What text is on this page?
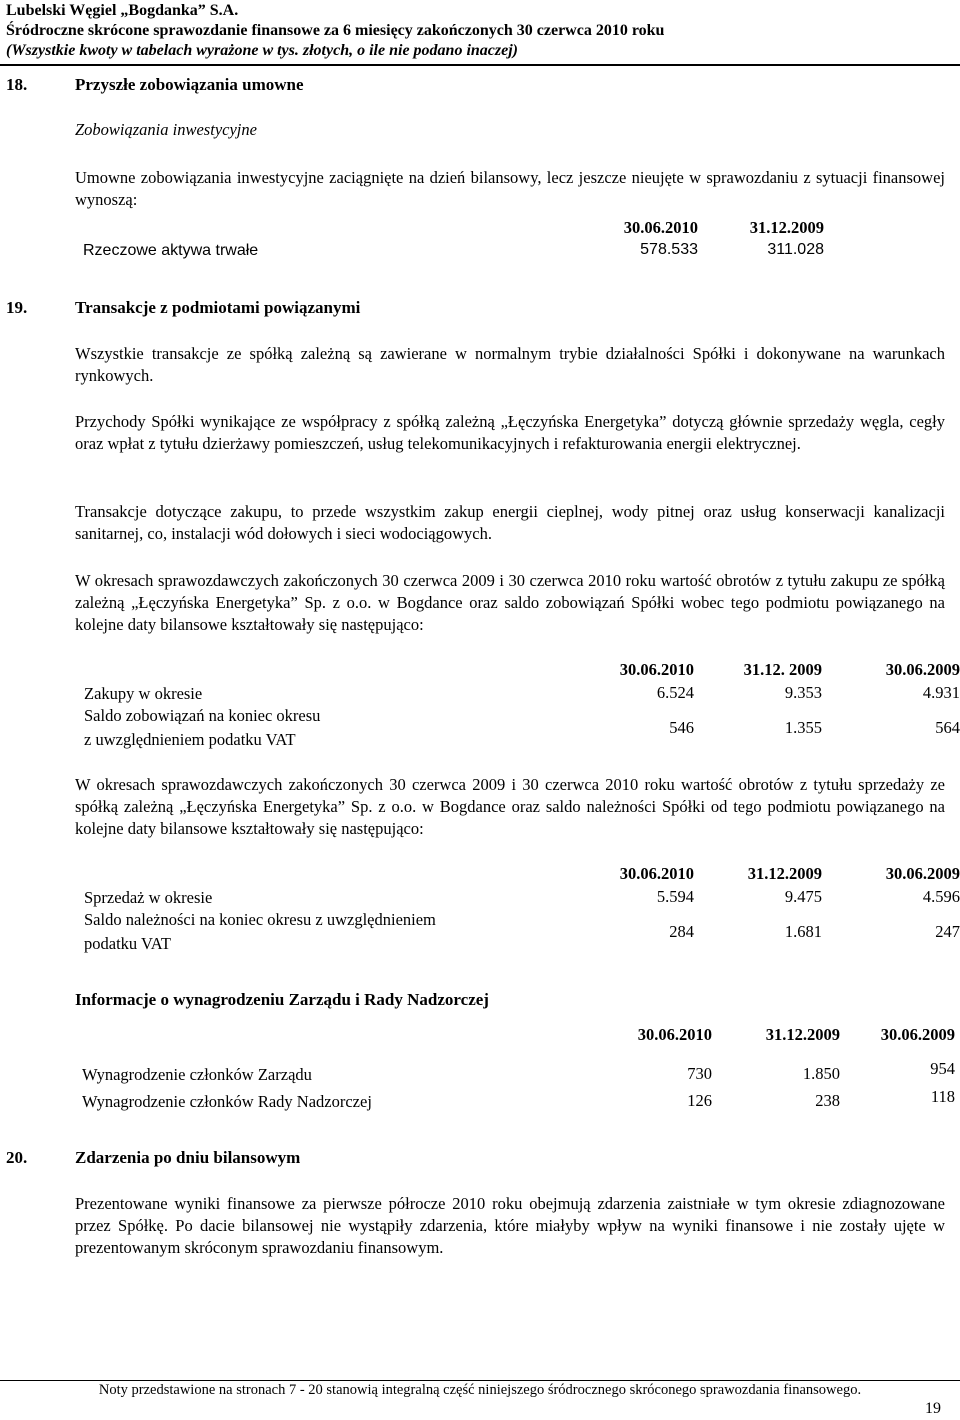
Lubelski Węgiel „Bogdanka” S.A.
Śródroczne skrócone sprawozdanie finansowe za 6 miesięcy zakończonych 30 czerwca 2010 roku
(Wszystkie kwoty w tabelach wyrażone w tys. złotych, o ile nie podano inaczej)
18.	Przyszłe zobowiązania umowne
Zobowiązania inwestycyjne
Umowne zobowiązania inwestycyjne zaciągnięte na dzień bilansowy, lecz jeszcze nieujęte w sprawozdaniu z sytuacji finansowej wynoszą:
30.06.2010	31.12.2009
Rzeczowe aktywa trwałe	578.533	311.028
19.	Transakcje z podmiotami powiązanymi
Wszystkie transakcje ze spółką zależną są zawierane w normalnym trybie działalności Spółki i dokonywane na warunkach rynkowych.
Przychody Spółki wynikające ze współpracy z spółką zależną „Łęczyńska Energetyka” dotyczą głównie sprzedaży węgla, cegły oraz wpłat z tytułu dzierżawy pomieszczeń, usług telekomunikacyjnych i refakturowania energii elektrycznej.
Transakcje dotyczące zakupu, to przede wszystkim zakup energii cieplnej, wody pitnej oraz usług konserwacji kanalizacji sanitarnej, co, instalacji wód dołowych i sieci wodociągowych.
W okresach sprawozdawczych zakończonych 30 czerwca 2009 i 30 czerwca 2010 roku wartość obrotów z tytułu zakupu ze spółką zależną „Łęczyńska Energetyka” Sp. z o.o. w Bogdance oraz saldo zobowiązań Spółki wobec tego podmiotu powiązanego na kolejne daty bilansowe kształtowały się następująco:
30.06.2010	31.12. 2009	30.06.2009
Zakupy w okresie	6.524	9.353	4.931
Saldo zobowiązań na koniec okresu
z uwzględnieniem podatku VAT
546	1.355	564
W okresach sprawozdawczych zakończonych 30 czerwca 2009 i 30 czerwca 2010 roku wartość obrotów z tytułu sprzedaży ze spółką zależną „Łęczyńska Energetyka” Sp. z o.o. w Bogdance oraz saldo należności Spółki od tego podmiotu powiązanego na kolejne daty bilansowe kształtowały się następująco:
30.06.2010	31.12.2009	30.06.2009
Sprzedaż w okresie	5.594	9.475	4.596
Saldo należności na koniec okresu z uwzględnieniem
podatku VAT
284	1.681	247
Informacje o wynagrodzeniu Zarządu i Rady Nadzorczej
30.06.2010	31.12.2009	30.06.2009
Wynagrodzenie członków Zarządu	730	1.850	954
Wynagrodzenie członków Rady Nadzorczej	126	238	118
20.	Zdarzenia po dniu bilansowym
Prezentowane wyniki finansowe za pierwsze półrocze 2010 roku obejmują zdarzenia zaistniałe w tym okresie zdiagnozowane przez Spółkę. Po dacie bilansowej nie wystąpiły zdarzenia, które miałyby wpływ na wyniki finansowe i nie zostały ujęte w prezentowanym skróconym sprawozdaniu finansowym.
Noty przedstawione na stronach 7 - 20 stanowią integralną część niniejszego śródrocznego skróconego sprawozdania finansowego.
19
